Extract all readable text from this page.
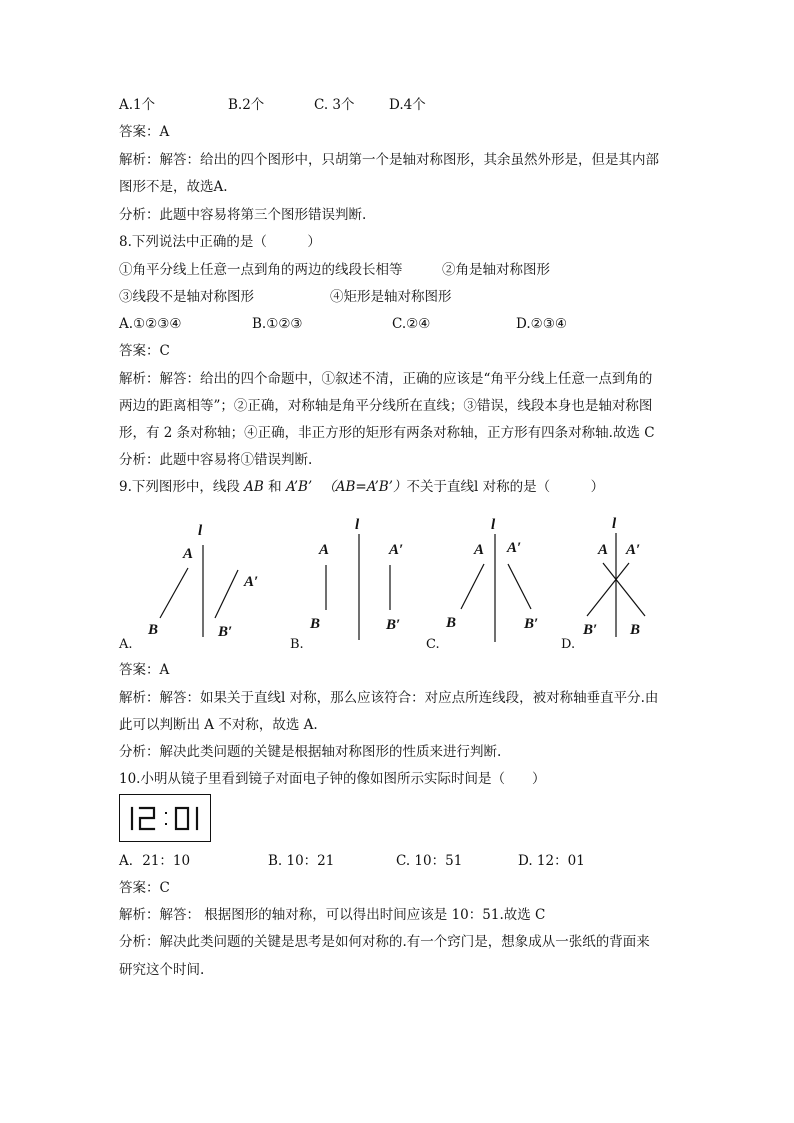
A.1个	B.2个	C. 3个	D.4个
答案：A
解析：解答：给出的四个图形中，只胡第一个是轴对称图形，其余虽然外形是，但是其内部
图形不是，故选A.
分析：此题中容易将第三个图形错误判断.
8.下列说法中正确的是（　　　）
①角平分线上任意一点到角的两边的线段长相等	②角是轴对称图形
③线段不是轴对称图形	④矩形是轴对称图形
A.①②③④	B.①②③	C.②④	D.②③④
答案：C
解析：解答：给出的四个命题中，①叙述不清，正确的应该是“角平分线上任意一点到角的
两边的距离相等”；②正确，对称轴是角平分线所在直线；③错误，线段本身也是轴对称图
形，有 2 条对称轴；④正确，非正方形的矩形有两条对称轴，正方形有四条对称轴.故选 C
分析：此题中容易将①错误判断.
9.下列图形中，线段 AB 和 A’B’ （AB=A’B’）不关于直线l 对称的是（　　　）
l
A
A′
B	B′
l
A	A′
B	B′
l
A A′
B	B′
l
A A′
B′ B
A.	B.	C.	D.
答案：A
解析：解答：如果关于直线l 对称，那么应该符合：对应点所连线段，被对称轴垂直平分.由
此可以判断出 A 不对称，故选 A.
分析：解决此类问题的关键是根据轴对称图形的性质来进行判断.
10.小明从镜子里看到镜子对面电子钟的像如图所示实际时间是（　　）
A．21：10	B. 10：21	C. 10：51	D. 12：01
答案：C
解析：解答： 根据图形的轴对称，可以得出时间应该是 10：51.故选 C
分析：解决此类问题的关键是思考是如何对称的.有一个窍门是，想象成从一张纸的背面来
研究这个时间.
